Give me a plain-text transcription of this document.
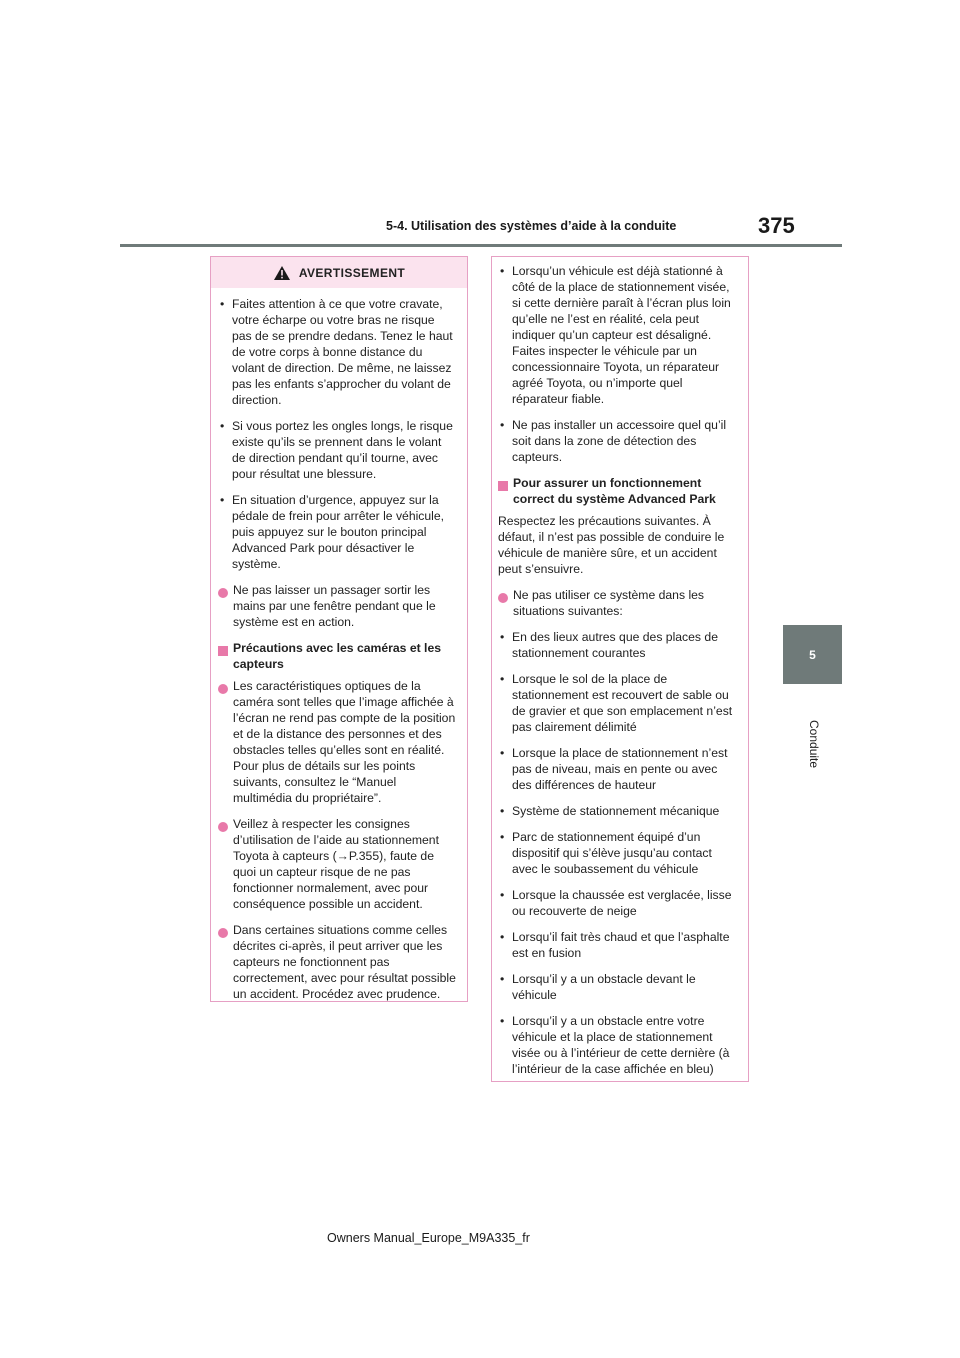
5-4. Utilisation des systèmes d’aide à la conduite	375
5
Conduite
AVERTISSEMENT

• Faites attention à ce que votre cravate, votre écharpe ou votre bras ne risque pas de se prendre dedans. Tenez le haut de votre corps à bonne distance du volant de direction. De même, ne laissez pas les enfants s’approcher du volant de direction.

• Si vous portez les ongles longs, le risque existe qu’ils se prennent dans le volant de direction pendant qu’il tourne, avec pour résultat une blessure.

• En situation d’urgence, appuyez sur la pédale de frein pour arrêter le véhicule, puis appuyez sur le bouton principal Advanced Park pour désactiver le système.

Ne pas laisser un passager sortir les mains par une fenêtre pendant que le système est en action.

Précautions avec les caméras et les capteurs

Les caractéristiques optiques de la caméra sont telles que l’image affichée à l’écran ne rend pas compte de la position et de la distance des personnes et des obstacles telles qu’elles sont en réalité. Pour plus de détails sur les points suivants, consultez le “Manuel multimédia du propriétaire”.

Veillez à respecter les consignes d’utilisation de l’aide au stationnement Toyota à capteurs (→P.355), faute de quoi un capteur risque de ne pas fonctionner normalement, avec pour conséquence possible un accident.

Dans certaines situations comme celles décrites ci-après, il peut arriver que les capteurs ne fonctionnent pas correctement, avec pour résultat possible un accident. Procédez avec prudence.

• Lorsqu’un véhicule est déjà stationné à côté de la place de stationnement visée, si cette dernière paraît à l’écran plus loin qu’elle ne l’est en réalité, cela peut indiquer qu’un capteur est désaligné. Faites inspecter le véhicule par un concessionnaire Toyota, un réparateur agréé Toyota, ou n’importe quel réparateur fiable.

• Ne pas installer un accessoire quel qu’il soit dans la zone de détection des capteurs.

Pour assurer un fonctionnement correct du système Advanced Park

Respectez les précautions suivantes. À défaut, il n’est pas possible de conduire le véhicule de manière sûre, et un accident peut s’ensuivre.

Ne pas utiliser ce système dans les situations suivantes:

• En des lieux autres que des places de stationnement courantes

• Lorsque le sol de la place de stationnement est recouvert de sable ou de gravier et que son emplacement n’est pas clairement délimité

• Lorsque la place de stationnement n’est pas de niveau, mais en pente ou avec des différences de hauteur

• Système de stationnement mécanique

• Parc de stationnement équipé d’un dispositif qui s’élève jusqu’au contact avec le soubassement du véhicule

• Lorsque la chaussée est verglacée, lisse ou recouverte de neige

• Lorsqu’il fait très chaud et que l’asphalte est en fusion

• Lorsqu’il y a un obstacle devant le véhicule

• Lorsqu’il y a un obstacle entre votre véhicule et la place de stationnement visée ou à l’intérieur de cette dernière (à l’intérieur de la case affichée en bleu)

Owners Manual_Europe_M9A335_fr
